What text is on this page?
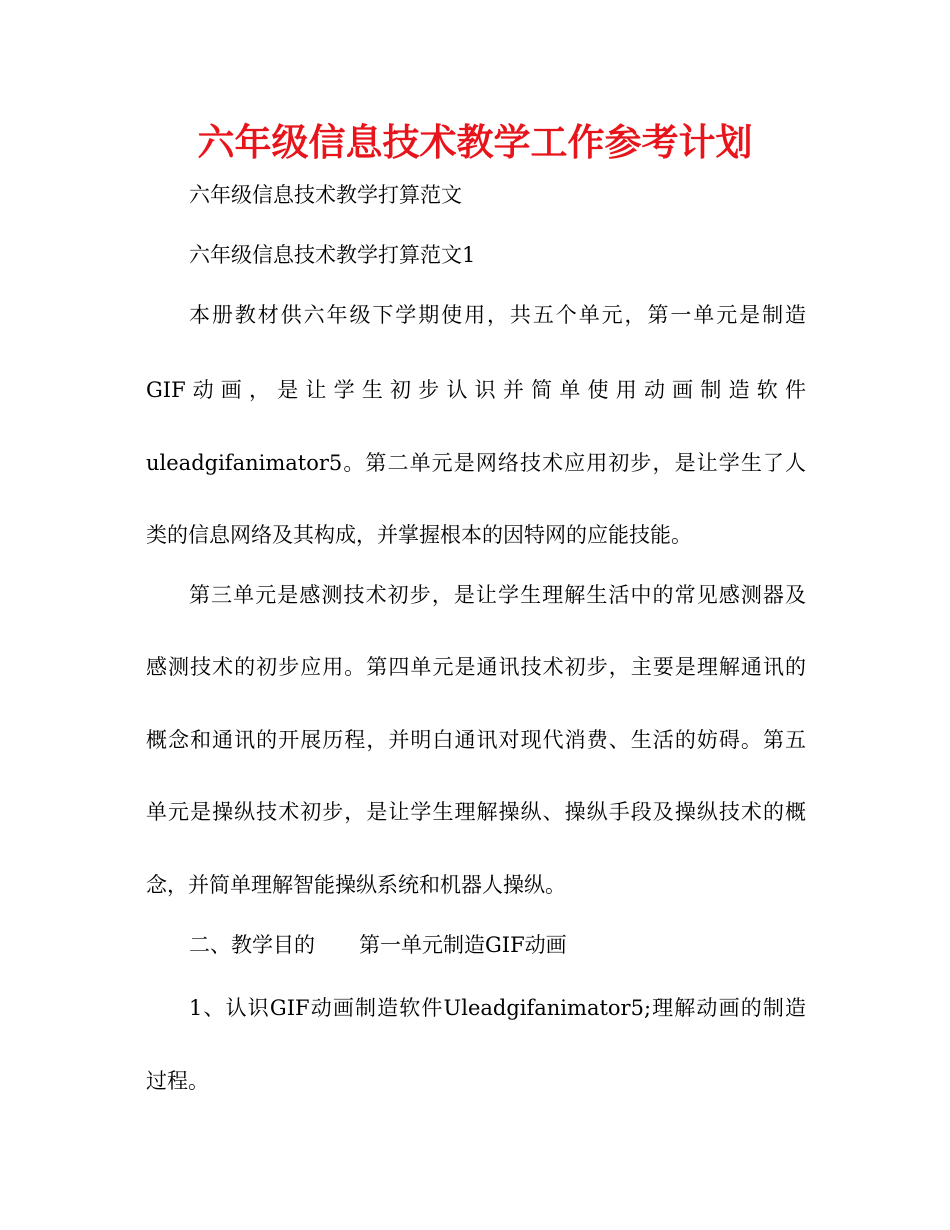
六年级信息技术教学工作参考计划
六年级信息技术教学打算范文
六年级信息技术教学打算范文1
本册教材供六年级下学期使用，共五个单元，第一单元是制造
GIF 动 画 ， 是 让 学 生 初 步 认 识 并 简 单 使 用 动 画 制 造 软 件
uleadgifanimator5。第二单元是网络技术应用初步，是让学生了人
类的信息网络及其构成，并掌握根本的因特网的应能技能。
第三单元是感测技术初步，是让学生理解生活中的常见感测器及
感测技术的初步应用。第四单元是通讯技术初步，主要是理解通讯的
概念和通讯的开展历程，并明白通讯对现代消费、生活的妨碍。第五
单元是操纵技术初步，是让学生理解操纵、操纵手段及操纵技术的概
念，并简单理解智能操纵系统和机器人操纵。
二、教学目的 第一单元制造GIF动画
1、认识GIF动画制造软件Uleadgifanimator5;理解动画的制造
过程。
